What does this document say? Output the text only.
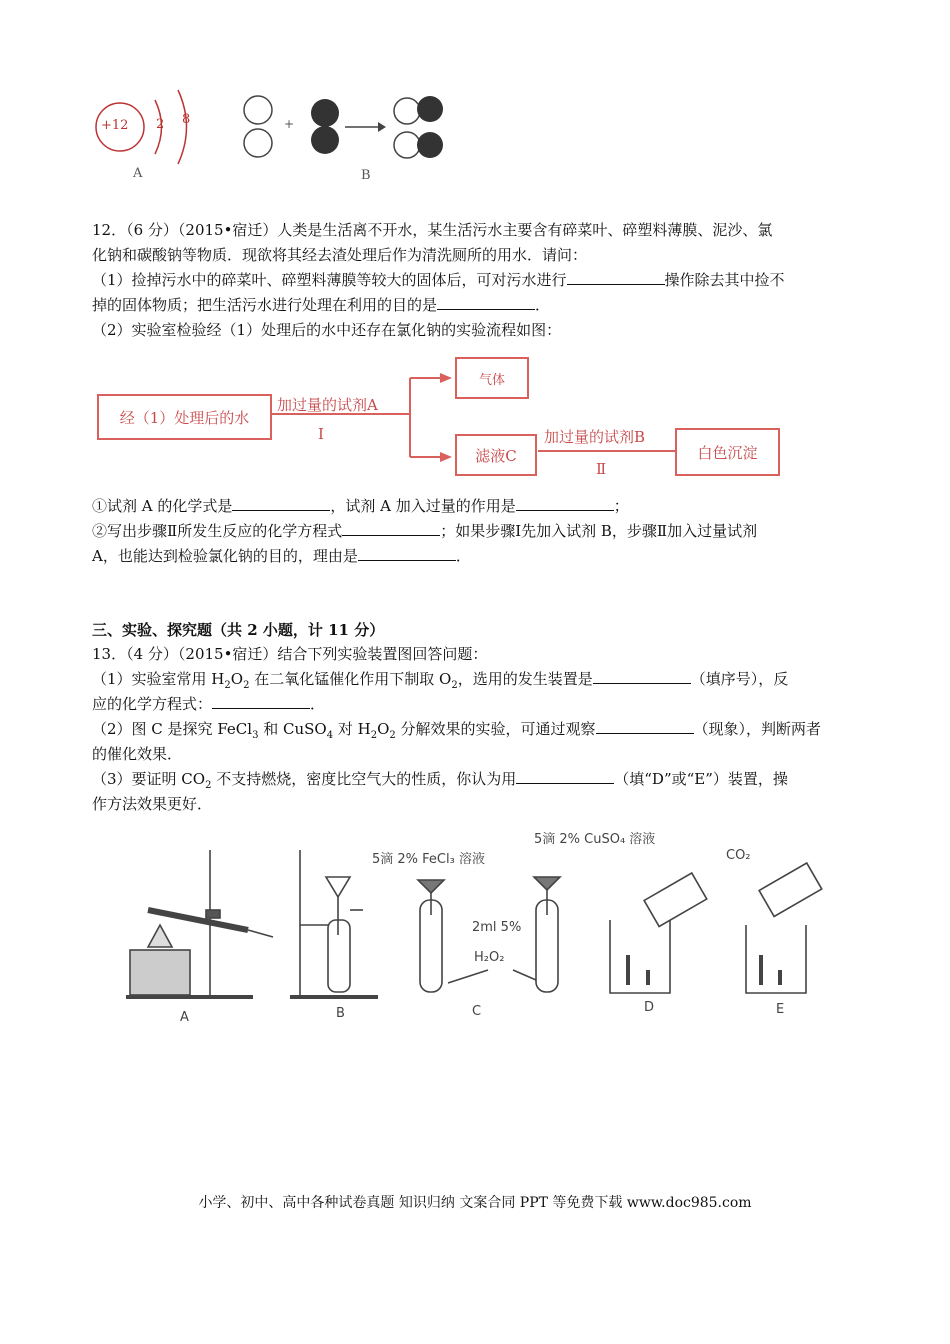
+12 2 8	+
A	B
12．（6 分）（2015•宿迁）人类是生活离不开水，某生活污水主要含有碎菜叶、碎塑料薄膜、泥沙、氯
化钠和碳酸钠等物质．现欲将其经去渣处理后作为清洗厕所的用水．请问：
（1）捡掉污水中的碎菜叶、碎塑料薄膜等较大的固体后，可对污水进行	操作除去其中捡不
掉的固体物质；把生活污水进行处理在利用的目的是	．
（2）实验室检验经（1）处理后的水中还存在氯化钠的实验流程如图：
经（1）处理后的水
加过量的试剂A
Ⅰ
气体
滤液C
加过量的试剂B
Ⅱ
白色沉淀
①试剂 A 的化学式是	，试剂 A 加入过量的作用是	；
②写出步骤Ⅱ所发生反应的化学方程式	；如果步骤Ⅰ先加入试剂 B，步骤Ⅱ加入过量试剂
A，也能达到检验氯化钠的目的，理由是	．
三、实验、探究题（共 2 小题，计 11 分）
13．（4 分）（2015•宿迁）结合下列实验装置图回答问题：
（1）实验室常用 $H_2O_2$ 在二氧化锰催化作用下制取 $O_2$，选用的发生装置是	（填序号），反
应的化学方程式：	．
（2）图 C 是探究 FeCl$_3$ 和 CuSO$_4$ 对 $H_2O_2$ 分解效果的实验，可通过观察	（现象），判断两者
的催化效果．
（3）要证明 $CO_2$ 不支持燃烧，密度比空气大的性质，你认为用	（填“D”或“E”）装置，操
作方法效果更好．
A	B	C	D	E
5滴 2% FeCl₃ 溶液
5滴 2% CuSO₄ 溶液
2ml 5%
H₂O₂
CO₂
小学、初中、高中各种试卷真题 知识归纳 文案合同 PPT 等免费下载 www.doc985.com
